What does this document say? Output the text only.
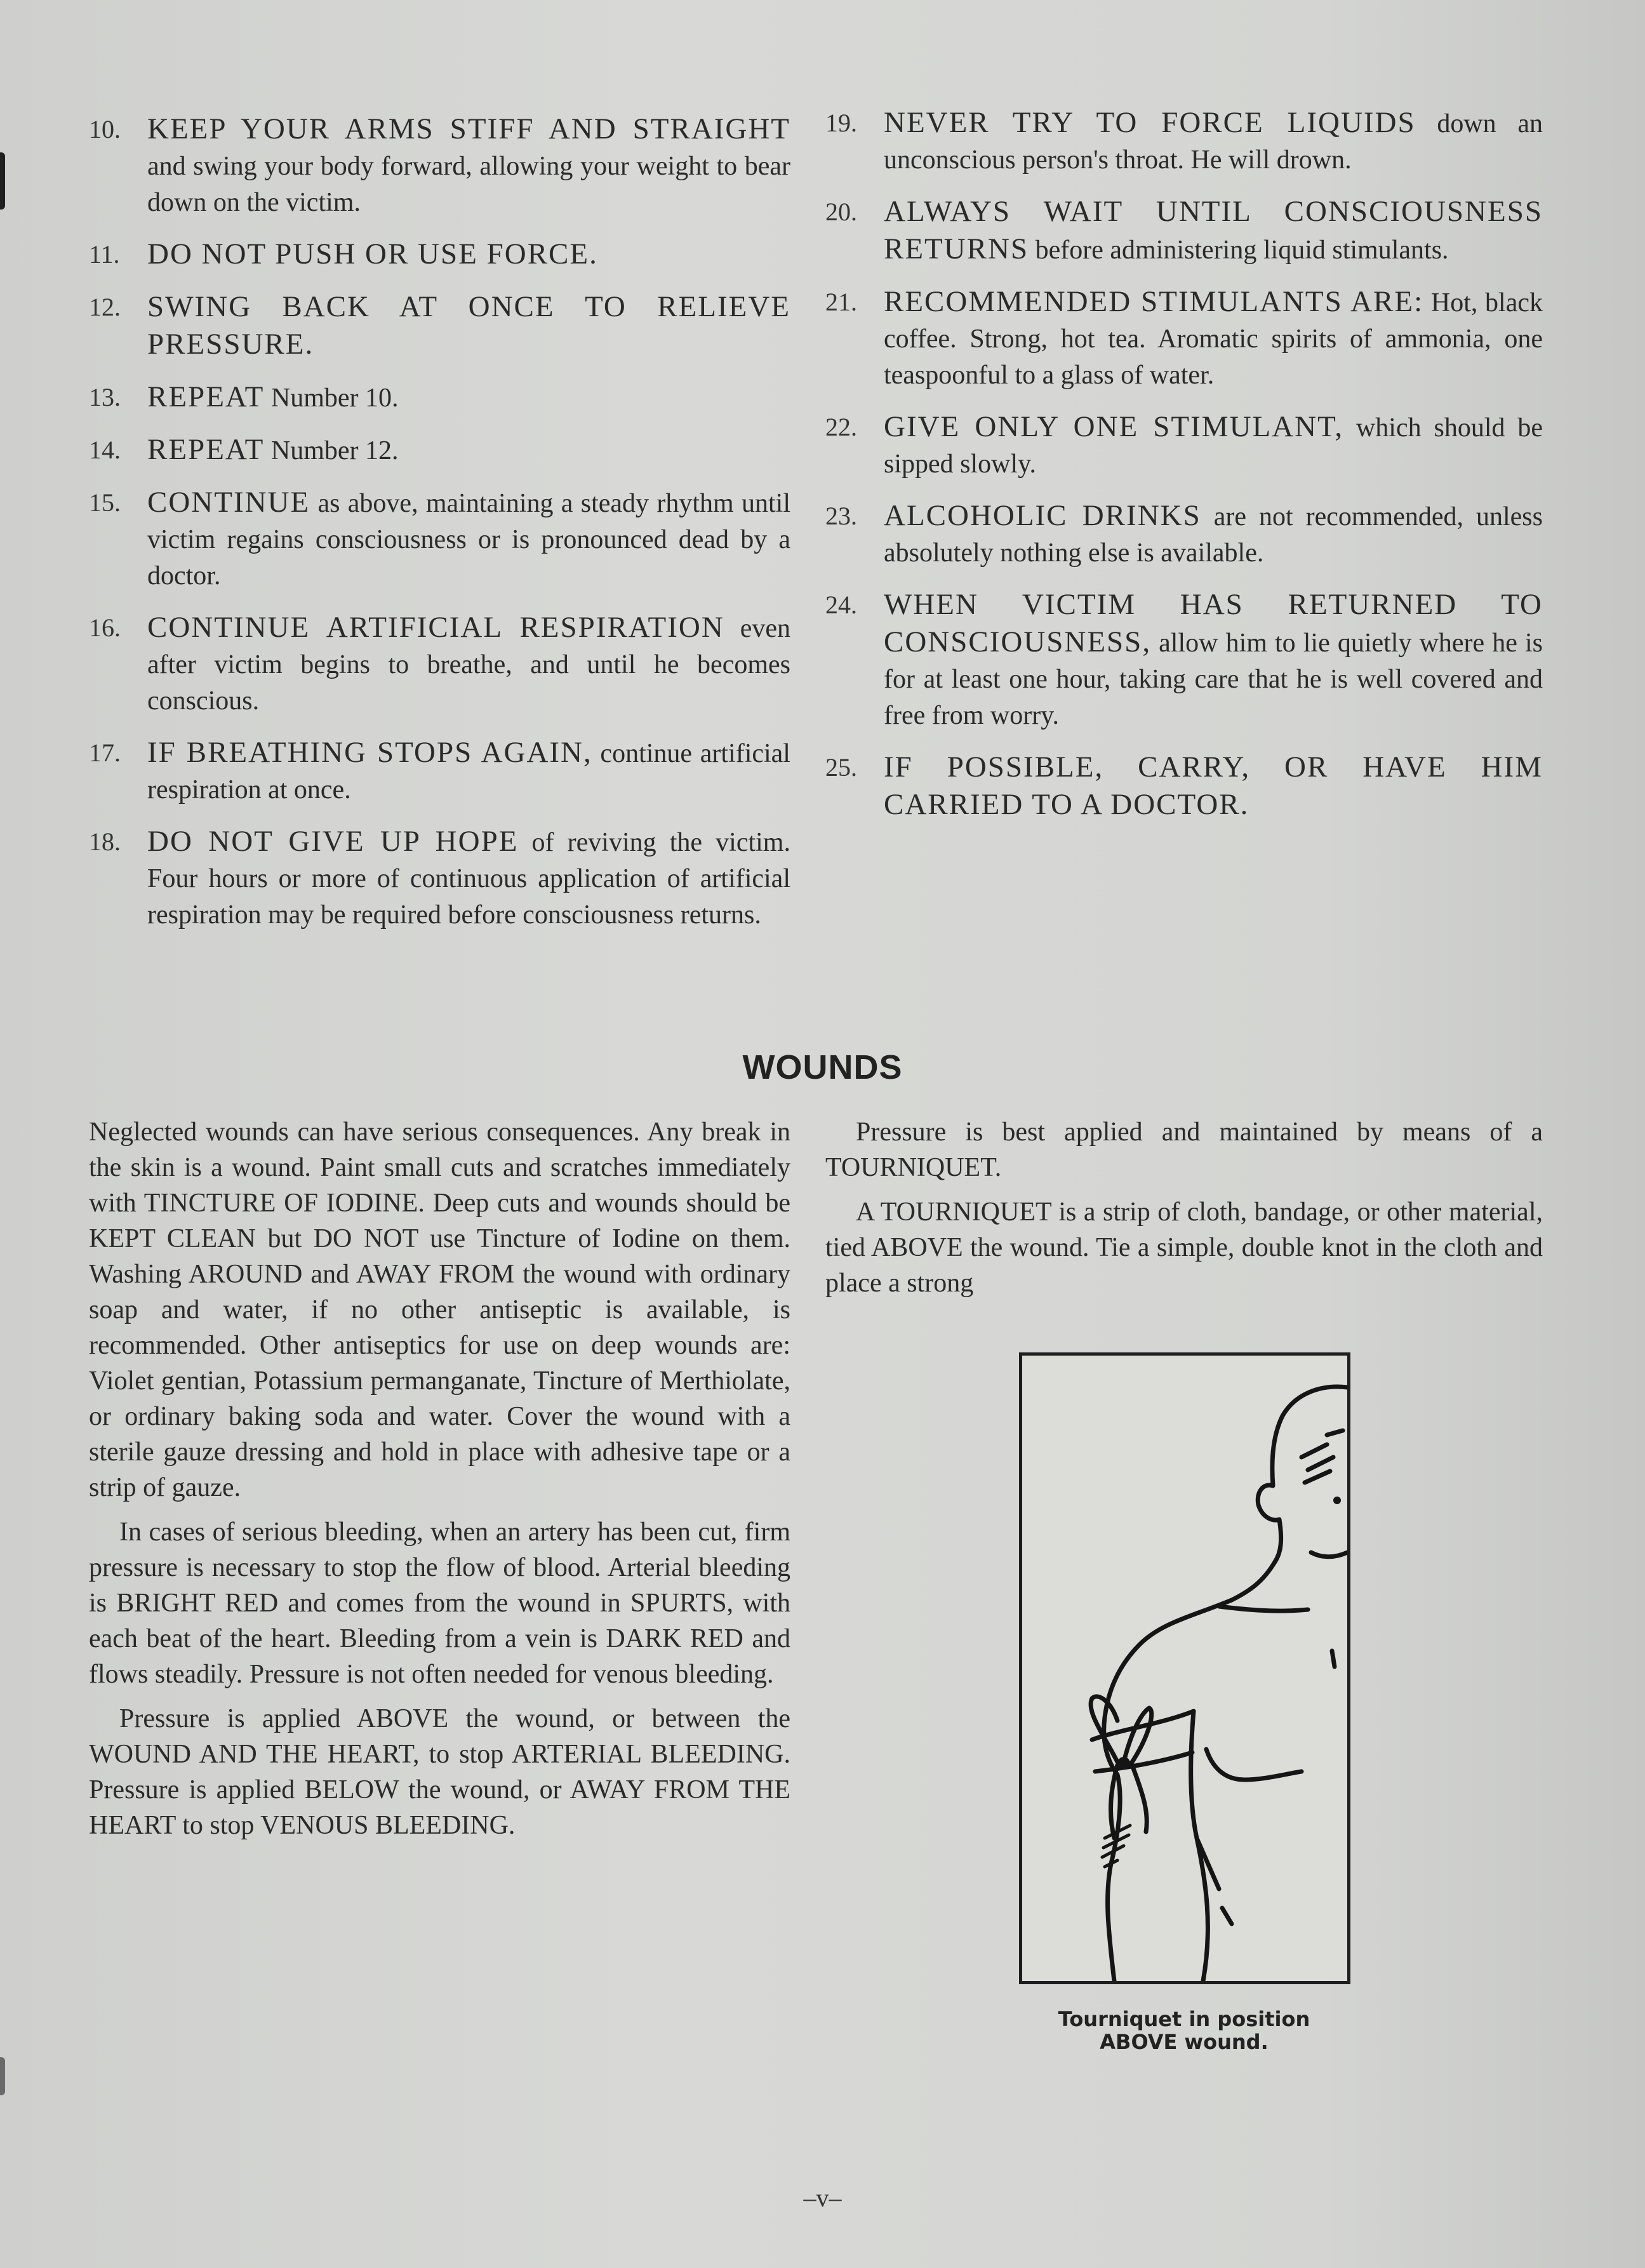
10. KEEP YOUR ARMS STIFF AND STRAIGHT and swing your body forward, allowing your weight to bear down on the victim.
11. DO NOT PUSH OR USE FORCE.
12. SWING BACK AT ONCE TO RELIEVE PRESSURE.
13. REPEAT Number 10.
14. REPEAT Number 12.
15. CONTINUE as above, maintaining a steady rhythm until victim regains consciousness or is pronounced dead by a doctor.
16. CONTINUE ARTIFICIAL RESPIRATION even after victim begins to breathe, and until he becomes conscious.
17. IF BREATHING STOPS AGAIN, continue artificial respiration at once.
18. DO NOT GIVE UP HOPE of reviving the victim. Four hours or more of continuous application of artificial respiration may be required before consciousness returns.
19. NEVER TRY TO FORCE LIQUIDS down an unconscious person's throat. He will drown.
20. ALWAYS WAIT UNTIL CONSCIOUSNESS RETURNS before administering liquid stimulants.
21. RECOMMENDED STIMULANTS ARE: Hot, black coffee. Strong, hot tea. Aromatic spirits of ammonia, one teaspoonful to a glass of water.
22. GIVE ONLY ONE STIMULANT, which should be sipped slowly.
23. ALCOHOLIC DRINKS are not recommended, unless absolutely nothing else is available.
24. WHEN VICTIM HAS RETURNED TO CONSCIOUSNESS, allow him to lie quietly where he is for at least one hour, taking care that he is well covered and free from worry.
25. IF POSSIBLE, CARRY, OR HAVE HIM CARRIED TO A DOCTOR.
WOUNDS

Neglected wounds can have serious consequences. Any break in the skin is a wound. Paint small cuts and scratches immediately with TINCTURE OF IODINE. Deep cuts and wounds should be KEPT CLEAN but DO NOT use Tincture of Iodine on them. Washing AROUND and AWAY FROM the wound with ordinary soap and water, if no other antiseptic is available, is recommended. Other antiseptics for use on deep wounds are: Violet gentian, Potassium permanganate, Tincture of Merthiolate, or ordinary baking soda and water. Cover the wound with a sterile gauze dressing and hold in place with adhesive tape or a strip of gauze.

In cases of serious bleeding, when an artery has been cut, firm pressure is necessary to stop the flow of blood. Arterial bleeding is BRIGHT RED and comes from the wound in SPURTS, with each beat of the heart. Bleeding from a vein is DARK RED and flows steadily. Pressure is not often needed for venous bleeding.

Pressure is applied ABOVE the wound, or between the WOUND AND THE HEART, to stop ARTERIAL BLEEDING. Pressure is applied BELOW the wound, or AWAY FROM THE HEART to stop VENOUS BLEEDING.

Pressure is best applied and maintained by means of a TOURNIQUET.

A TOURNIQUET is a strip of cloth, bandage, or other material, tied ABOVE the wound. Tie a simple, double knot in the cloth and place a strong

Tourniquet in position
ABOVE wound.
–v–
